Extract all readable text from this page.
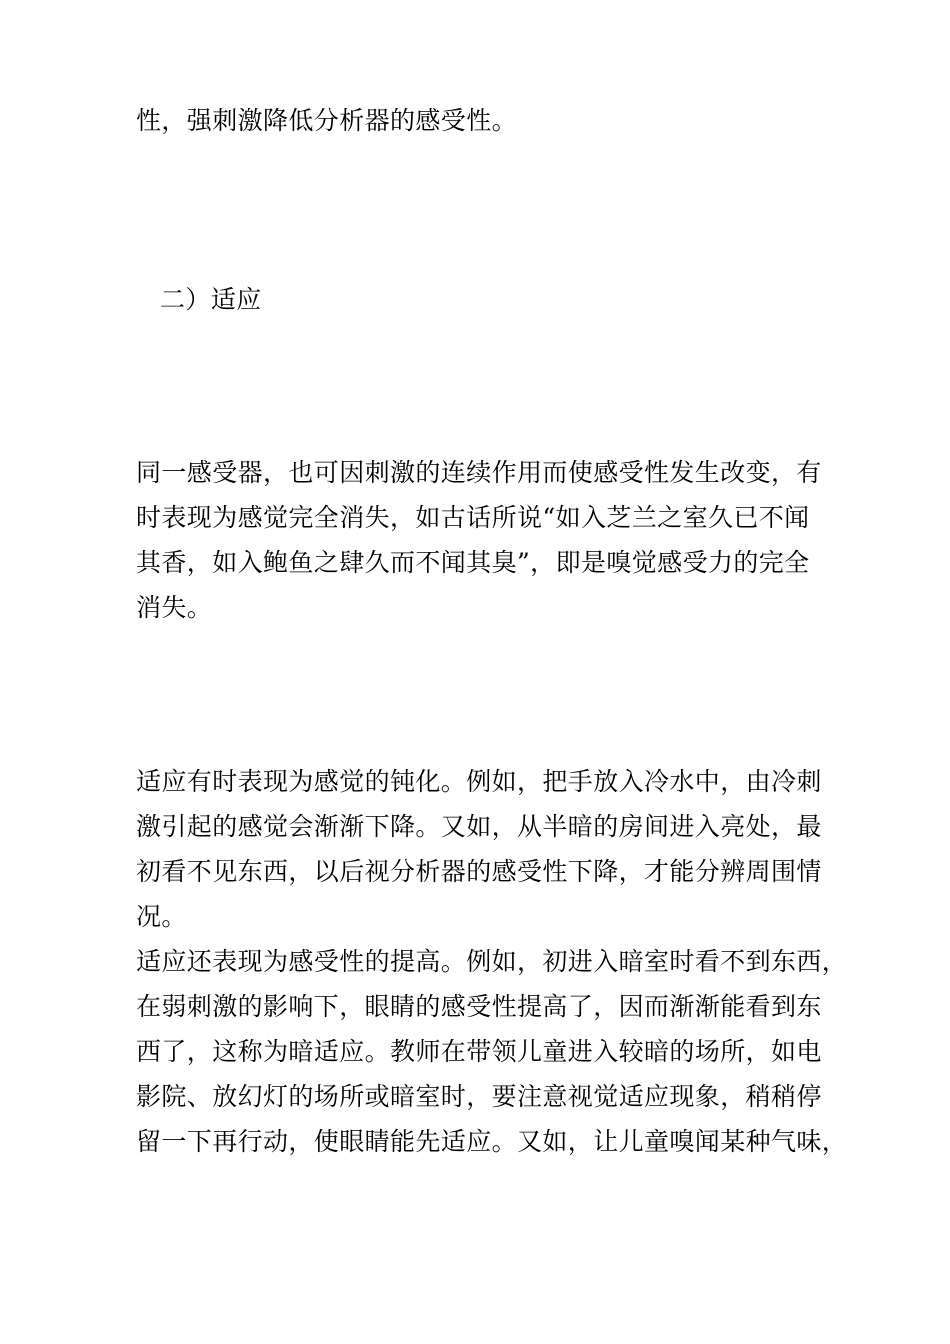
性，强刺激降低分析器的感受性。

二）适应

同一感受器，也可因刺激的连续作用而使感受性发生改变，有
时表现为感觉完全消失，如古话所说“如入芝兰之室久已不闻
其香，如入鲍鱼之肆久而不闻其臭”，即是嗅觉感受力的完全
消失。

适应有时表现为感觉的钝化。例如，把手放入冷水中，由冷刺
激引起的感觉会渐渐下降。又如，从半暗的房间进入亮处，最
初看不见东西，以后视分析器的感受性下降，才能分辨周围情
况。

适应还表现为感受性的提高。例如，初进入暗室时看不到东西，
在弱刺激的影响下，眼睛的感受性提高了，因而渐渐能看到东
西了，这称为暗适应。教师在带领儿童进入较暗的场所，如电
影院、放幻灯的场所或暗室时，要注意视觉适应现象，稍稍停
留一下再行动，使眼睛能先适应。又如，让儿童嗅闻某种气味，
